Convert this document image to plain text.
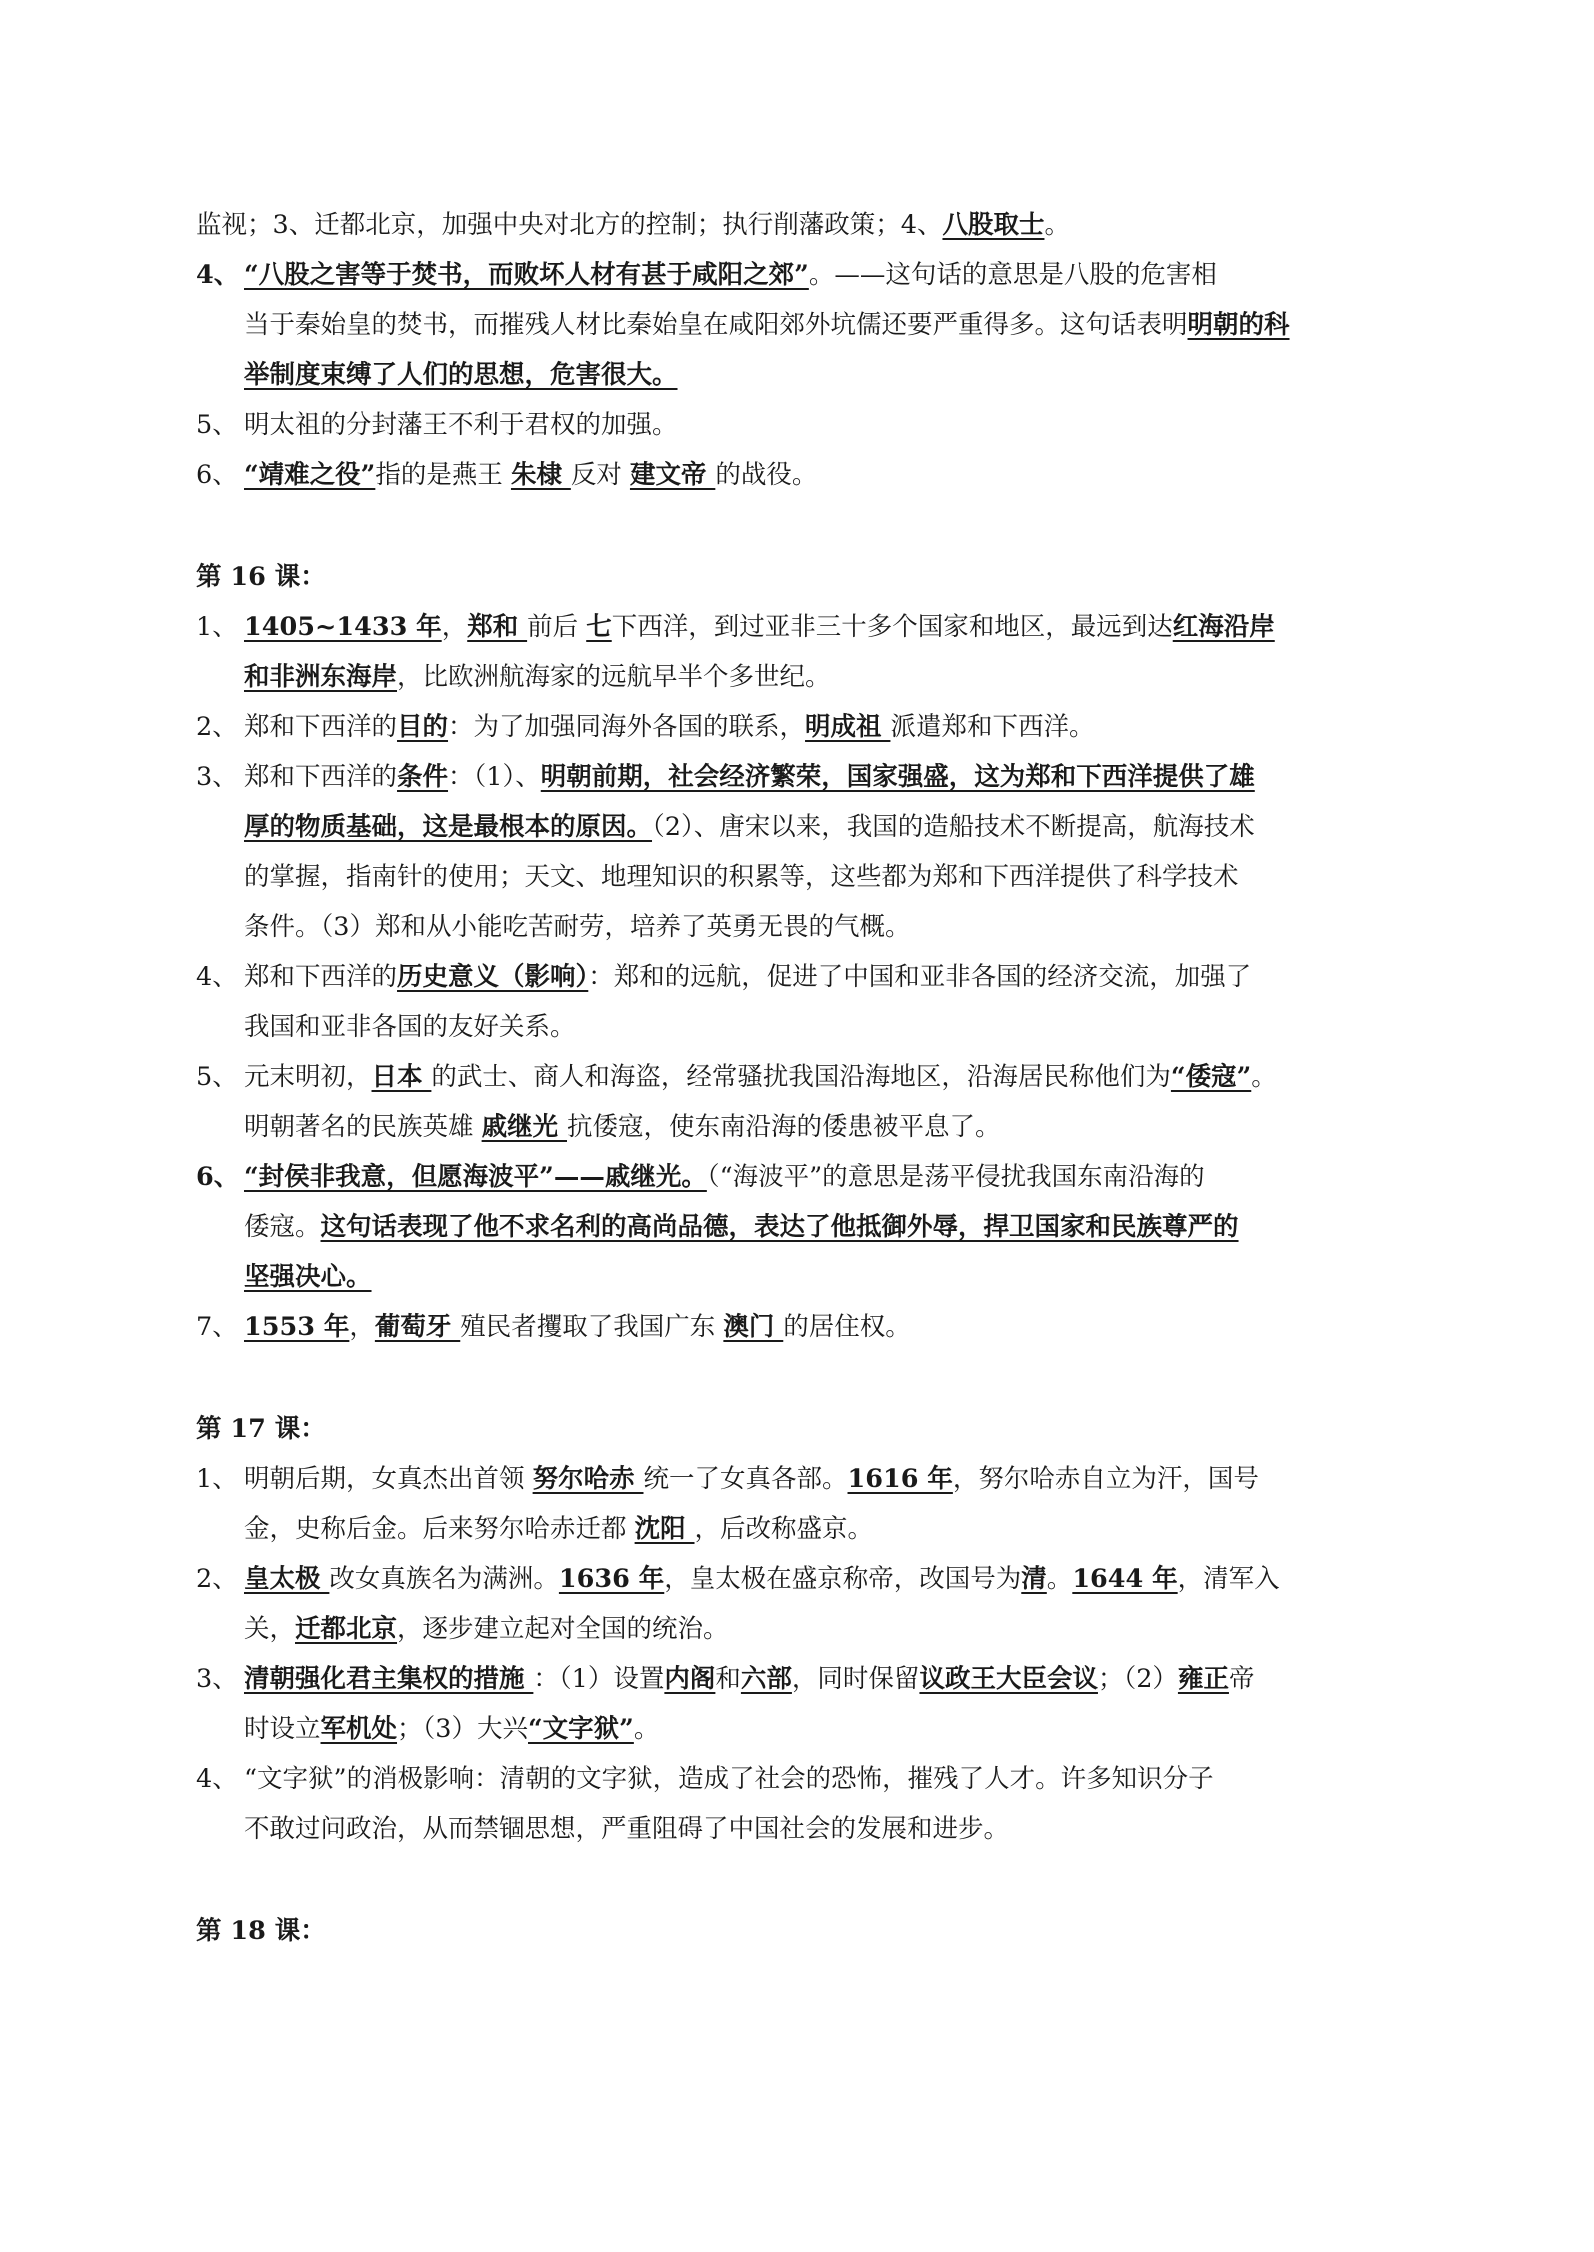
监视；3、迁都北京，加强中央对北方的控制；执行削藩政策；4、八股取士。
4、 “八股之害等于焚书，而败坏人材有甚于咸阳之郊”。——这句话的意思是八股的危害相
当于秦始皇的焚书，而摧残人材比秦始皇在咸阳郊外坑儒还要严重得多。这句话表明明朝的科
举制度束缚了人们的思想，危害很大。
5、 明太祖的分封藩王不利于君权的加强。
6、 “靖难之役”指的是燕王 朱棣 反对 建文帝 的战役。
第 16 课：
1、 1405~1433 年，郑和 前后 七下西洋，到过亚非三十多个国家和地区，最远到达红海沿岸
和非洲东海岸，比欧洲航海家的远航早半个多世纪。
2、 郑和下西洋的目的：为了加强同海外各国的联系，明成祖 派遣郑和下西洋。
3、 郑和下西洋的条件：（1）、明朝前期，社会经济繁荣，国家强盛，这为郑和下西洋提供了雄
厚的物质基础，这是最根本的原因。（2）、唐宋以来，我国的造船技术不断提高，航海技术
的掌握，指南针的使用；天文、地理知识的积累等，这些都为郑和下西洋提供了科学技术
条件。（3）郑和从小能吃苦耐劳，培养了英勇无畏的气概。
4、 郑和下西洋的历史意义（影响）：郑和的远航，促进了中国和亚非各国的经济交流，加强了
我国和亚非各国的友好关系。
5、 元末明初，日本 的武士、商人和海盗，经常骚扰我国沿海地区，沿海居民称他们为“倭寇”。
明朝著名的民族英雄 戚继光 抗倭寇，使东南沿海的倭患被平息了。
6、 “封侯非我意，但愿海波平”——戚继光。（“海波平”的意思是荡平侵扰我国东南沿海的
倭寇。这句话表现了他不求名利的高尚品德，表达了他抵御外辱，捍卫国家和民族尊严的
坚强决心。
7、 1553 年，葡萄牙 殖民者攫取了我国广东 澳门 的居住权。
第 17 课：
1、 明朝后期，女真杰出首领 努尔哈赤 统一了女真各部。1616 年，努尔哈赤自立为汗，国号
金，史称后金。后来努尔哈赤迁都 沈阳 ，后改称盛京。
2、 皇太极 改女真族名为满洲。1636 年，皇太极在盛京称帝，改国号为清。1644 年，清军入
关，迁都北京，逐步建立起对全国的统治。
3、 清朝强化君主集权的措施 ：（1）设置内阁和六部，同时保留议政王大臣会议；（2）雍正帝
时设立军机处；（3）大兴“文字狱”。
4、 “文字狱”的消极影响：清朝的文字狱，造成了社会的恐怖，摧残了人才。许多知识分子
不敢过问政治，从而禁锢思想，严重阻碍了中国社会的发展和进步。
第 18 课：
